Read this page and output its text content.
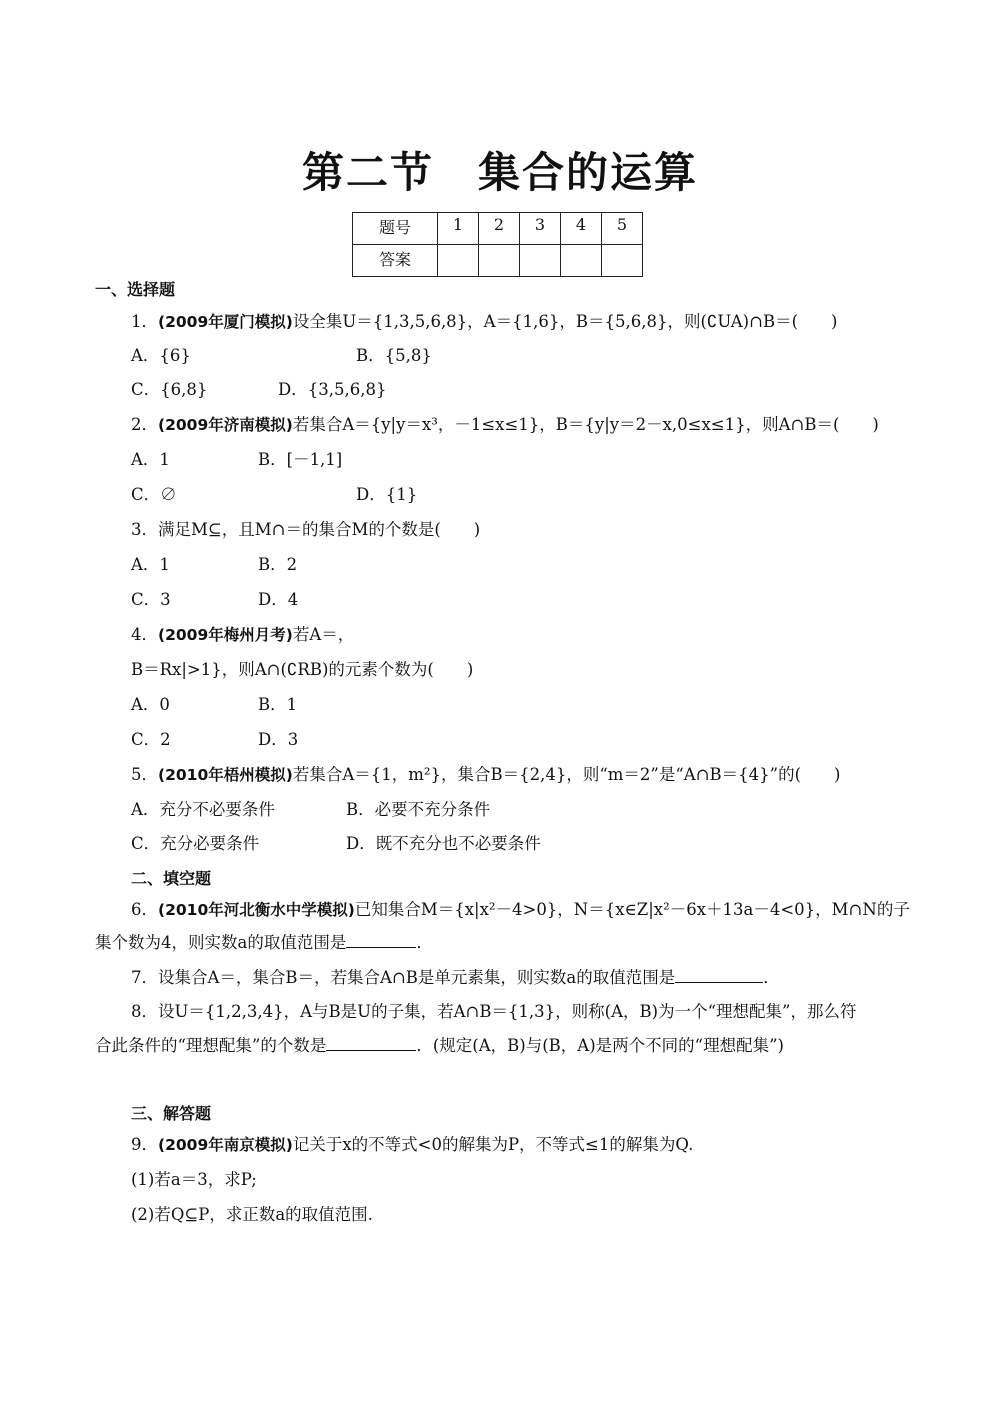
第二节　集合的运算
题号	1	2	3	4	5
答案					
一、选择题
1．(2009年厦门模拟)设全集U＝{1,3,5,6,8}，A＝{1,6}，B＝{5,6,8}，则(∁UA)∩B＝(　　)
A．{6}	B．{5,8}
C．{6,8}	D．{3,5,6,8}
2．(2009年济南模拟)若集合A＝{y|y＝x³，－1≤x≤1}，B＝{y|y＝2－x,0≤x≤1}，则A∩B＝(　　)
A．1	B．[－1,1]
C．∅	D．{1}
3．满足M⊆，且M∩＝的集合M的个数是(　　)
A．1	B．2
C．3	D．4
4．(2009年梅州月考)若A＝，
B＝Rx|>1}，则A∩(∁RB)的元素个数为(　　)
A．0	B．1
C．2	D．3
5．(2010年梧州模拟)若集合A＝{1，m²}，集合B＝{2,4}，则“m＝2”是“A∩B＝{4}”的(　　)
A．充分不必要条件	B．必要不充分条件
C．充分必要条件	D．既不充分也不必要条件
二、填空题
6．(2010年河北衡水中学模拟)已知集合M＝{x|x²－4>0}，N＝{x∈Z|x²－6x＋13a－4<0}，M∩N的子
集个数为4，则实数a的取值范围是	．
7．设集合A＝，集合B＝，若集合A∩B是单元素集，则实数a的取值范围是	．
8．设U＝{1,2,3,4}，A与B是U的子集，若A∩B＝{1,3}，则称(A，B)为一个“理想配集”，那么符
合此条件的“理想配集”的个数是	．(规定(A，B)与(B，A)是两个不同的“理想配集”)
三、解答题
9．(2009年南京模拟)记关于x的不等式<0的解集为P，不等式≤1的解集为Q.
(1)若a＝3，求P;
(2)若Q⊆P，求正数a的取值范围.
